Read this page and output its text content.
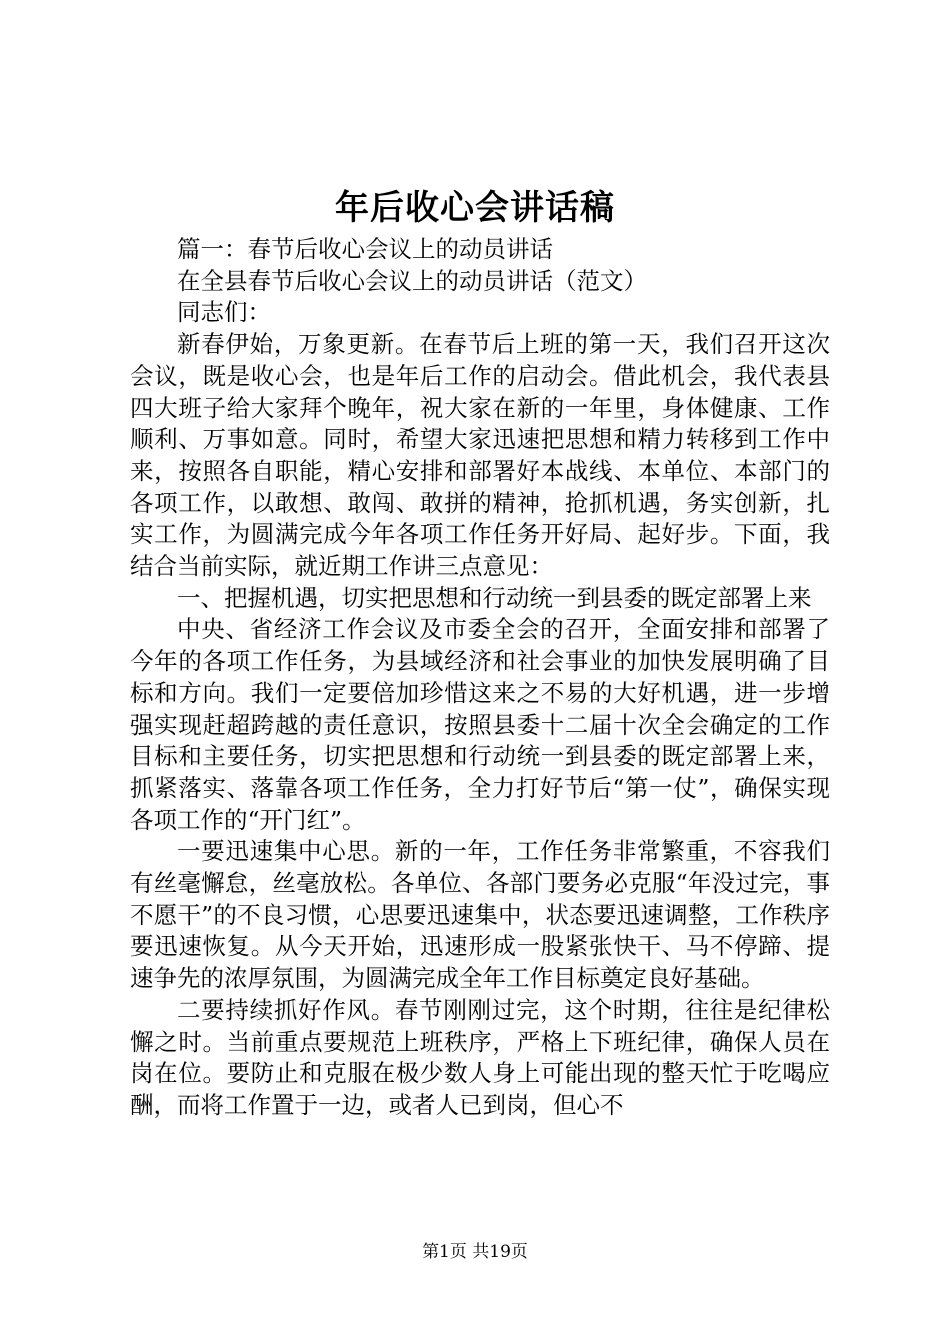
年后收心会讲话稿

篇一：春节后收心会议上的动员讲话

在全县春节后收心会议上的动员讲话（范文）

同志们：

新春伊始，万象更新。在春节后上班的第一天，我们召开这次会议，既是收心会，也是年后工作的启动会。借此机会，我代表县四大班子给大家拜个晚年，祝大家在新的一年里，身体健康、工作顺利、万事如意。同时，希望大家迅速把思想和精力转移到工作中来，按照各自职能，精心安排和部署好本战线、本单位、本部门的各项工作，以敢想、敢闯、敢拼的精神，抢抓机遇，务实创新，扎实工作，为圆满完成今年各项工作任务开好局、起好步。下面，我结合当前实际，就近期工作讲三点意见：

一、把握机遇，切实把思想和行动统一到县委的既定部署上来

中央、省经济工作会议及市委全会的召开，全面安排和部署了今年的各项工作任务，为县域经济和社会事业的加快发展明确了目标和方向。我们一定要倍加珍惜这来之不易的大好机遇，进一步增强实现赶超跨越的责任意识，按照县委十二届十次全会确定的工作目标和主要任务，切实把思想和行动统一到县委的既定部署上来，抓紧落实、落靠各项工作任务，全力打好节后“第一仗”，确保实现各项工作的“开门红”。

一要迅速集中心思。新的一年，工作任务非常繁重，不容我们有丝毫懈怠，丝毫放松。各单位、各部门要务必克服“年没过完，事不愿干”的不良习惯，心思要迅速集中，状态要迅速调整，工作秩序要迅速恢复。从今天开始，迅速形成一股紧张快干、马不停蹄、提速争先的浓厚氛围，为圆满完成全年工作目标奠定良好基础。

二要持续抓好作风。春节刚刚过完，这个时期，往往是纪律松懈之时。当前重点要规范上班秩序，严格上下班纪律，确保人员在岗在位。要防止和克服在极少数人身上可能出现的整天忙于吃喝应酬，而将工作置于一边，或者人已到岗，但心不

第1页 共19页
